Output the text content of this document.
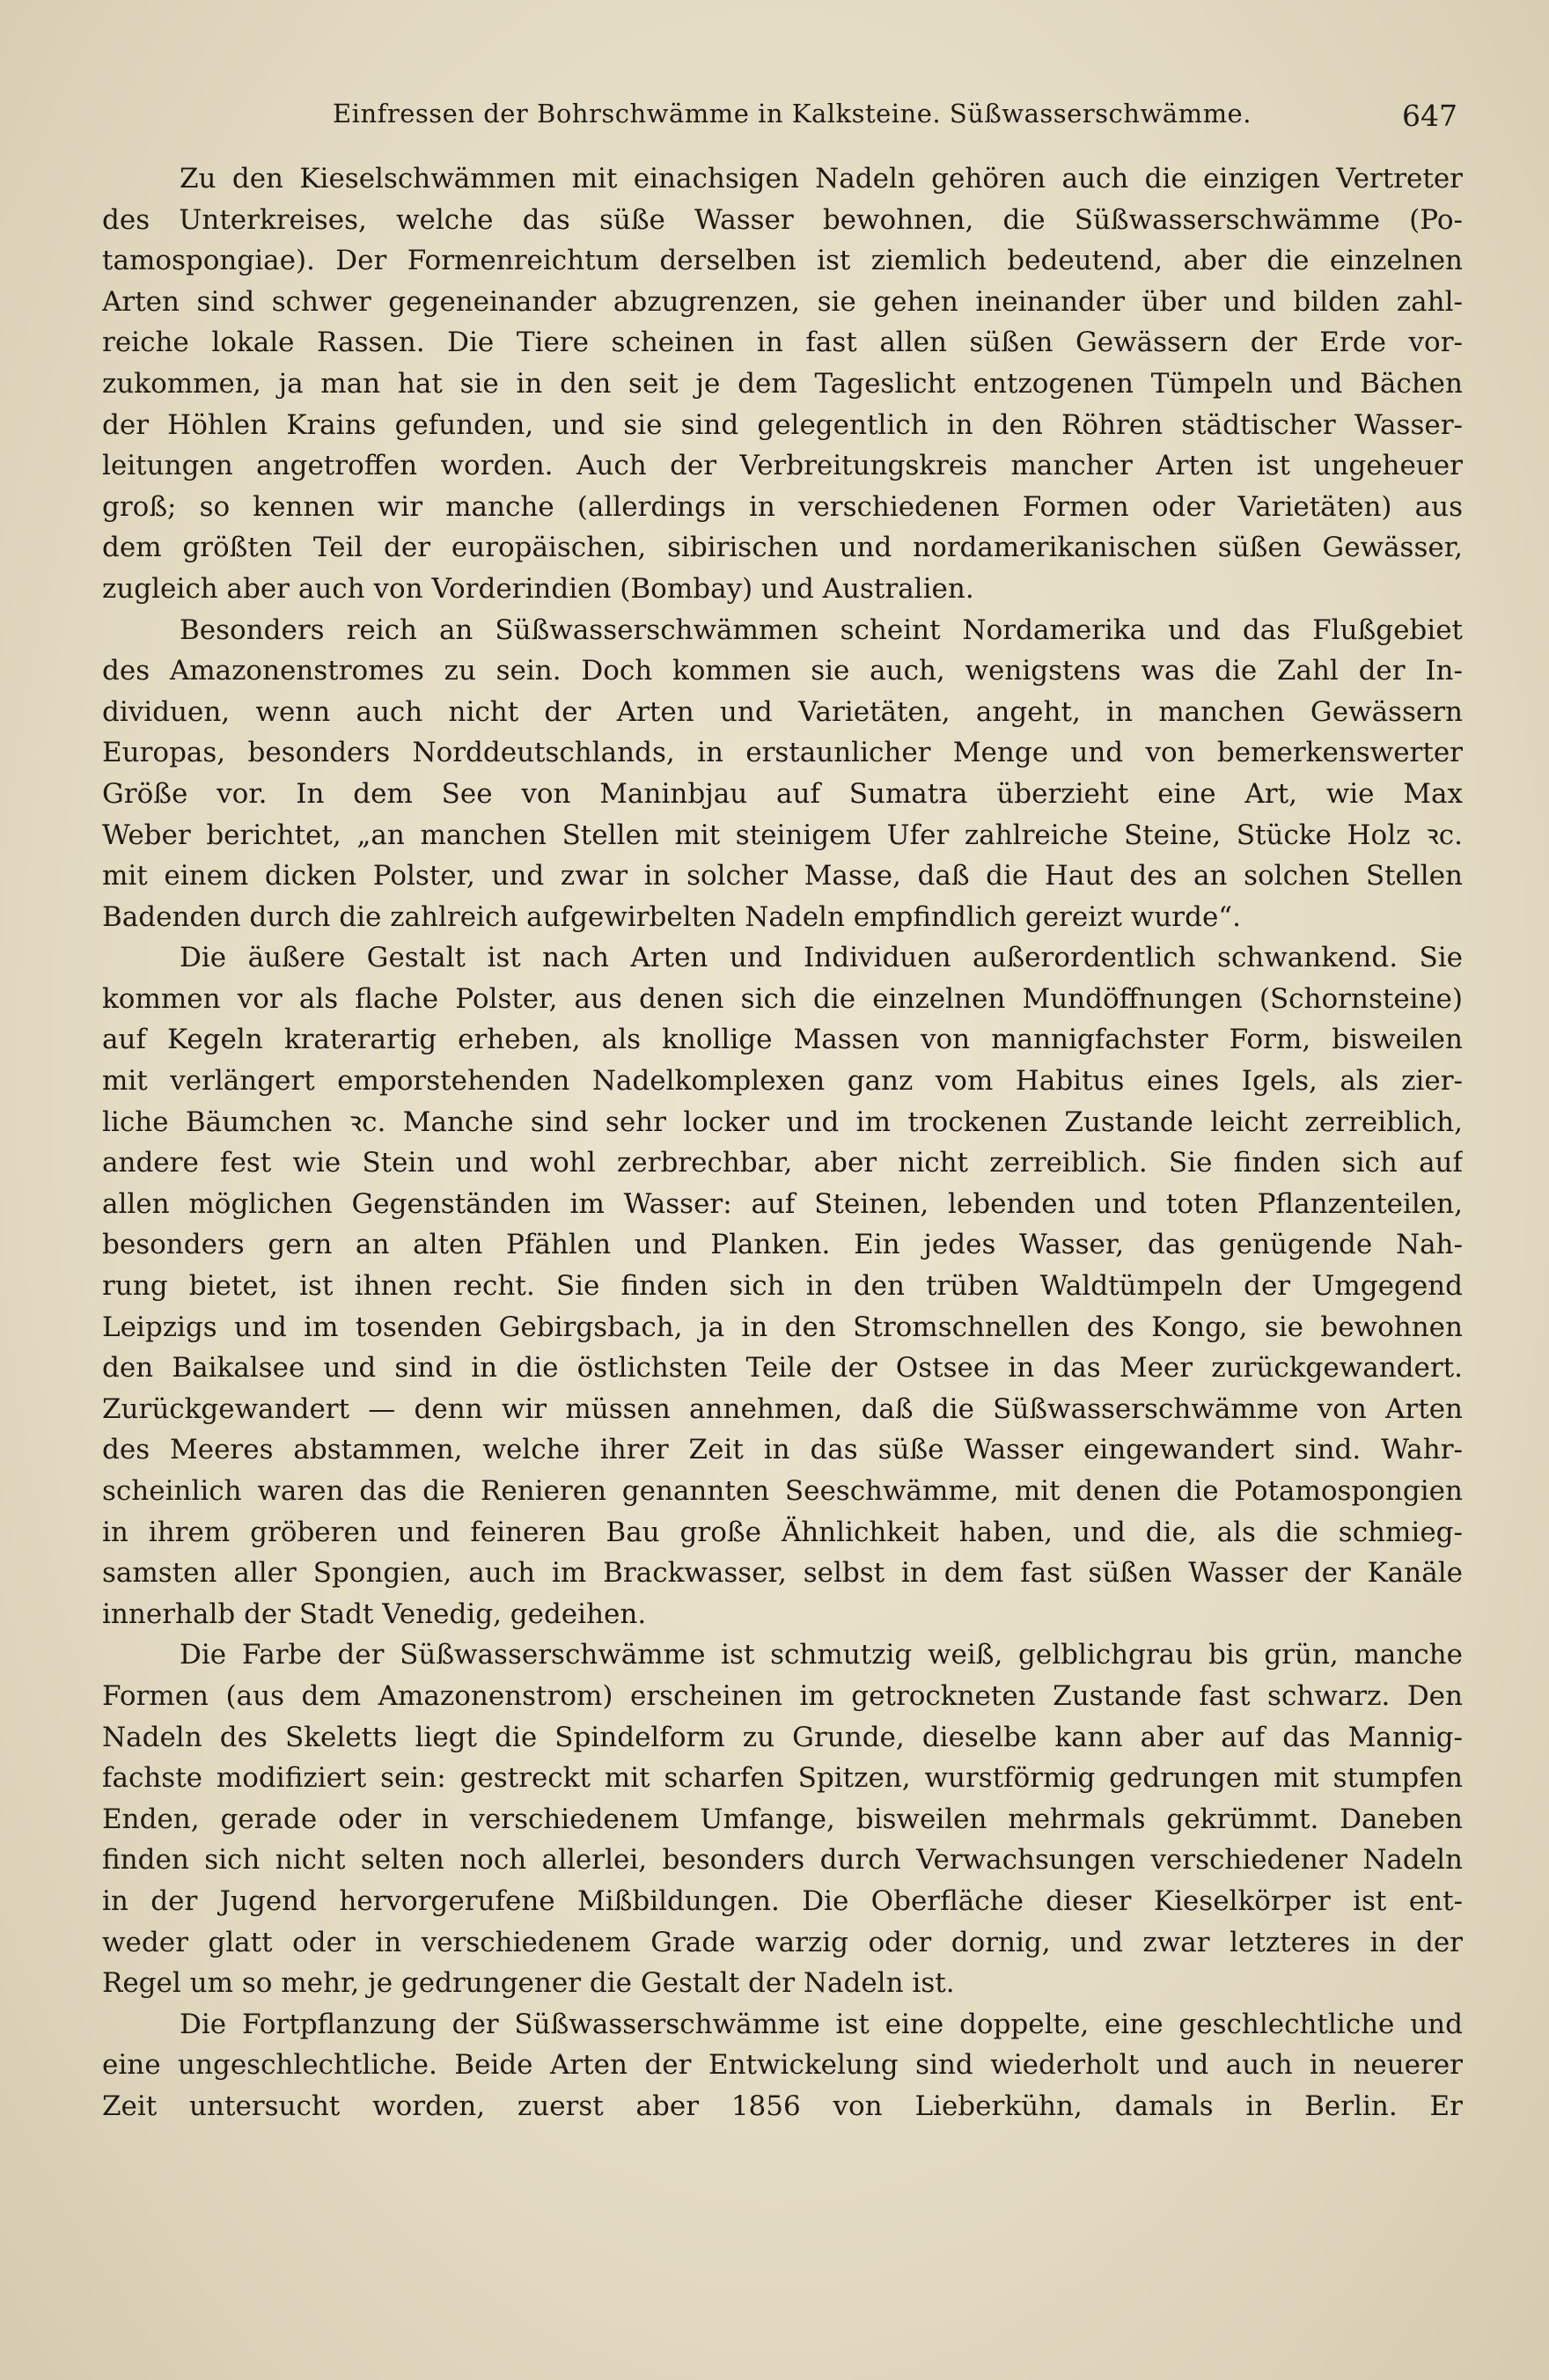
Einfressen der Bohrschwämme in Kalksteine. Süßwasserschwämme.	647
Zu den Kieselschwämmen mit einachsigen Nadeln gehören auch die einzigen Vertreter
des Unterkreises, welche das süße Wasser bewohnen, die Süßwasserschwämme (Po-
tamospongiae). Der Formenreichtum derselben ist ziemlich bedeutend, aber die einzelnen
Arten sind schwer gegeneinander abzugrenzen, sie gehen ineinander über und bilden zahl-
reiche lokale Rassen. Die Tiere scheinen in fast allen süßen Gewässern der Erde vor-
zukommen, ja man hat sie in den seit je dem Tageslicht entzogenen Tümpeln und Bächen
der Höhlen Krains gefunden, und sie sind gelegentlich in den Röhren städtischer Wasser-
leitungen angetroffen worden. Auch der Verbreitungskreis mancher Arten ist ungeheuer
groß; so kennen wir manche (allerdings in verschiedenen Formen oder Varietäten) aus
dem größten Teil der europäischen, sibirischen und nordamerikanischen süßen Gewässer,
zugleich aber auch von Vorderindien (Bombay) und Australien.
Besonders reich an Süßwasserschwämmen scheint Nordamerika und das Flußgebiet
des Amazonenstromes zu sein. Doch kommen sie auch, wenigstens was die Zahl der In-
dividuen, wenn auch nicht der Arten und Varietäten, angeht, in manchen Gewässern
Europas, besonders Norddeutschlands, in erstaunlicher Menge und von bemerkenswerter
Größe vor. In dem See von Maninbjau auf Sumatra überzieht eine Art, wie Max
Weber berichtet, „an manchen Stellen mit steinigem Ufer zahlreiche Steine, Stücke Holz ꝛc.
mit einem dicken Polster, und zwar in solcher Masse, daß die Haut des an solchen Stellen
Badenden durch die zahlreich aufgewirbelten Nadeln empfindlich gereizt wurde“.
Die äußere Gestalt ist nach Arten und Individuen außerordentlich schwankend. Sie
kommen vor als flache Polster, aus denen sich die einzelnen Mundöffnungen (Schornsteine)
auf Kegeln kraterartig erheben, als knollige Massen von mannigfachster Form, bisweilen
mit verlängert emporstehenden Nadelkomplexen ganz vom Habitus eines Igels, als zier-
liche Bäumchen ꝛc. Manche sind sehr locker und im trockenen Zustande leicht zerreiblich,
andere fest wie Stein und wohl zerbrechbar, aber nicht zerreiblich. Sie finden sich auf
allen möglichen Gegenständen im Wasser: auf Steinen, lebenden und toten Pflanzenteilen,
besonders gern an alten Pfählen und Planken. Ein jedes Wasser, das genügende Nah-
rung bietet, ist ihnen recht. Sie finden sich in den trüben Waldtümpeln der Umgegend
Leipzigs und im tosenden Gebirgsbach, ja in den Stromschnellen des Kongo, sie bewohnen
den Baikalsee und sind in die östlichsten Teile der Ostsee in das Meer zurückgewandert.
Zurückgewandert — denn wir müssen annehmen, daß die Süßwasserschwämme von Arten
des Meeres abstammen, welche ihrer Zeit in das süße Wasser eingewandert sind. Wahr-
scheinlich waren das die Renieren genannten Seeschwämme, mit denen die Potamospongien
in ihrem gröberen und feineren Bau große Ähnlichkeit haben, und die, als die schmieg-
samsten aller Spongien, auch im Brackwasser, selbst in dem fast süßen Wasser der Kanäle
innerhalb der Stadt Venedig, gedeihen.
Die Farbe der Süßwasserschwämme ist schmutzig weiß, gelblichgrau bis grün, manche
Formen (aus dem Amazonenstrom) erscheinen im getrockneten Zustande fast schwarz. Den
Nadeln des Skeletts liegt die Spindelform zu Grunde, dieselbe kann aber auf das Mannig-
fachste modifiziert sein: gestreckt mit scharfen Spitzen, wurstförmig gedrungen mit stumpfen
Enden, gerade oder in verschiedenem Umfange, bisweilen mehrmals gekrümmt. Daneben
finden sich nicht selten noch allerlei, besonders durch Verwachsungen verschiedener Nadeln
in der Jugend hervorgerufene Mißbildungen. Die Oberfläche dieser Kieselkörper ist ent-
weder glatt oder in verschiedenem Grade warzig oder dornig, und zwar letzteres in der
Regel um so mehr, je gedrungener die Gestalt der Nadeln ist.
Die Fortpflanzung der Süßwasserschwämme ist eine doppelte, eine geschlechtliche und
eine ungeschlechtliche. Beide Arten der Entwickelung sind wiederholt und auch in neuerer
Zeit untersucht worden, zuerst aber 1856 von Lieberkühn, damals in Berlin. Er
